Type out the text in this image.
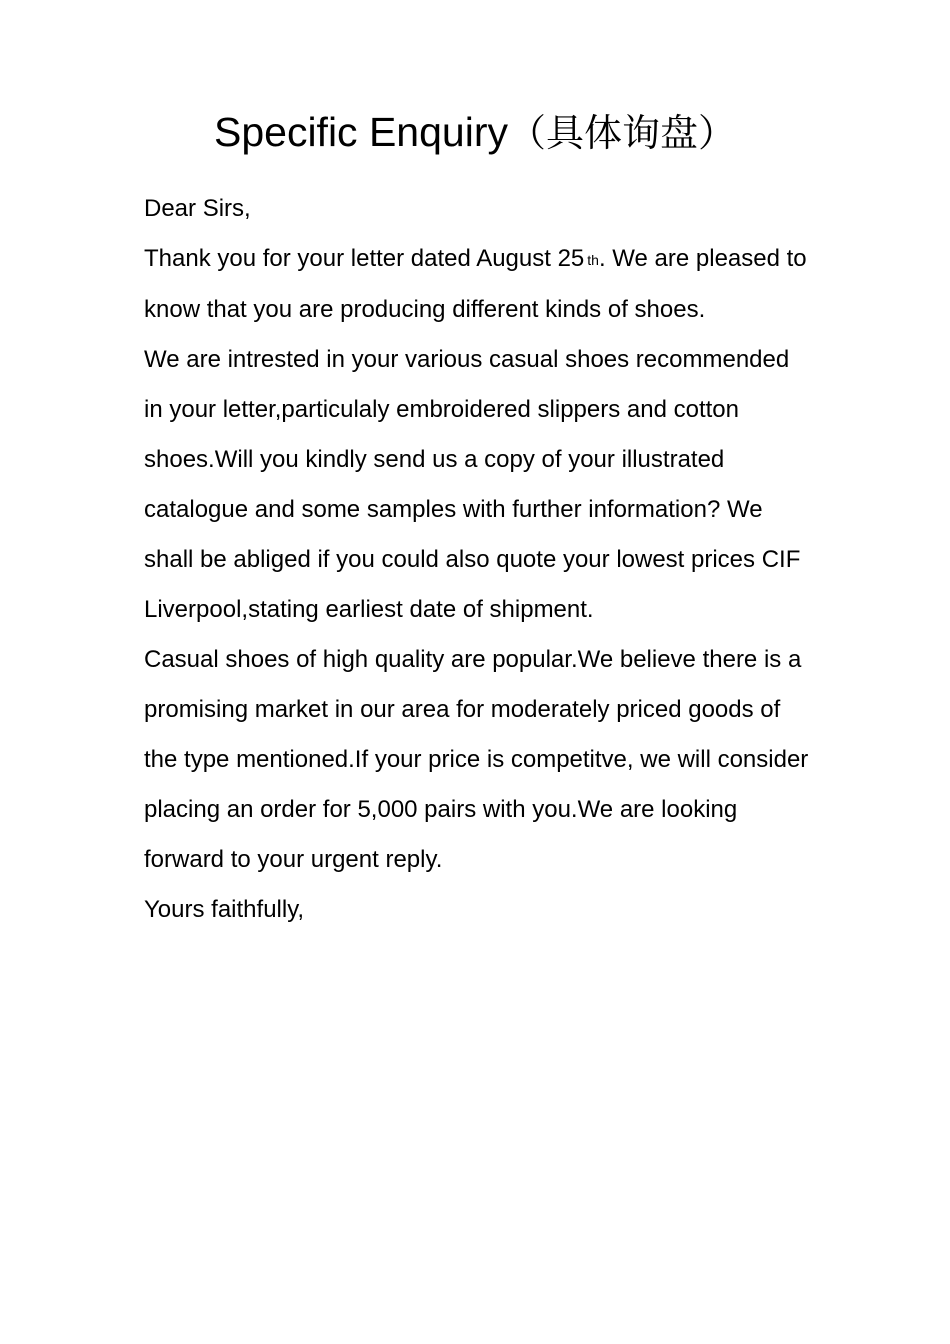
Specific Enquiry（具体询盘）

Dear Sirs,

Thank you for your letter dated August 25 th. We are pleased to know that you are producing different kinds of shoes.

We are intrested in your various casual shoes recommended in your letter,particulaly embroidered slippers and cotton shoes.Will you kindly send us a copy of your illustrated catalogue and some samples with further information? We shall be abliged if you could also quote your lowest prices CIF Liverpool,stating earliest date of shipment.

Casual shoes of high quality are popular.We believe there is a promising market in our area for moderately priced goods of the type mentioned.If your price is competitve, we will consider placing an order for 5,000 pairs with you.We are looking forward to your urgent reply.

Yours faithfully,
